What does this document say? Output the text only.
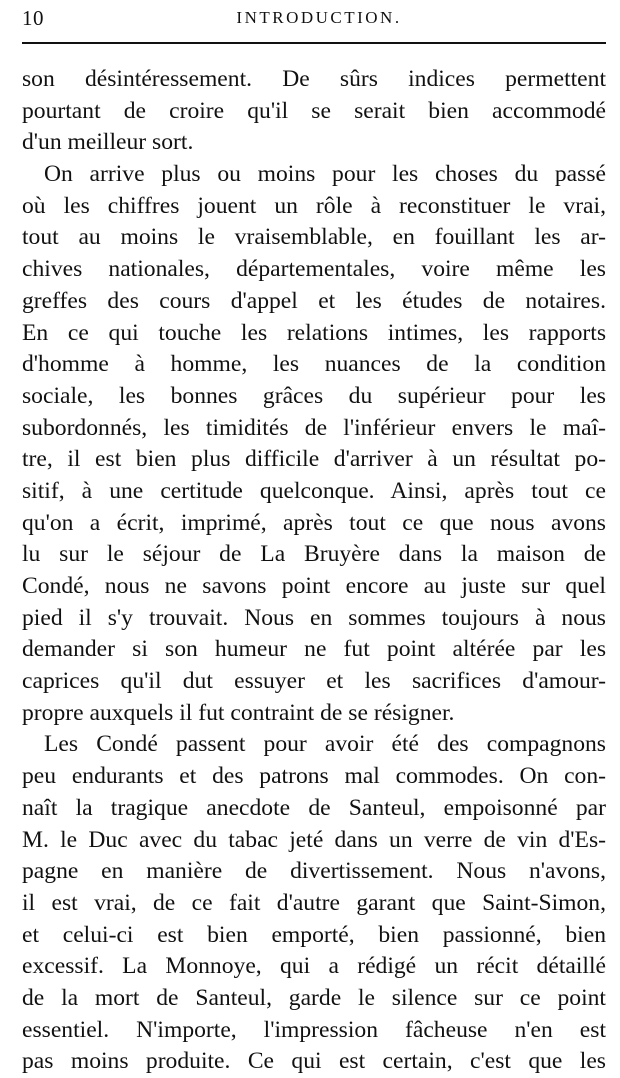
10	INTRODUCTION.
son désintéressement. De sûrs indices permettent
pourtant de croire qu'il se serait bien accommodé
d'un meilleur sort.
On arrive plus ou moins pour les choses du passé
où les chiffres jouent un rôle à reconstituer le vrai,
tout au moins le vraisemblable, en fouillant les ar-
chives nationales, départementales, voire même les
greffes des cours d'appel et les études de notaires.
En ce qui touche les relations intimes, les rapports
d'homme à homme, les nuances de la condition
sociale, les bonnes grâces du supérieur pour les
subordonnés, les timidités de l'inférieur envers le maî-
tre, il est bien plus difficile d'arriver à un résultat po-
sitif, à une certitude quelconque. Ainsi, après tout ce
qu'on a écrit, imprimé, après tout ce que nous avons
lu sur le séjour de La Bruyère dans la maison de
Condé, nous ne savons point encore au juste sur quel
pied il s'y trouvait. Nous en sommes toujours à nous
demander si son humeur ne fut point altérée par les
caprices qu'il dut essuyer et les sacrifices d'amour-
propre auxquels il fut contraint de se résigner.
Les Condé passent pour avoir été des compagnons
peu endurants et des patrons mal commodes. On con-
naît la tragique anecdote de Santeul, empoisonné par
M. le Duc avec du tabac jeté dans un verre de vin d'Es-
pagne en manière de divertissement. Nous n'avons,
il est vrai, de ce fait d'autre garant que Saint-Simon,
et celui-ci est bien emporté, bien passionné, bien
excessif. La Monnoye, qui a rédigé un récit détaillé
de la mort de Santeul, garde le silence sur ce point
essentiel. N'importe, l'impression fâcheuse n'en est
pas moins produite. Ce qui est certain, c'est que les
